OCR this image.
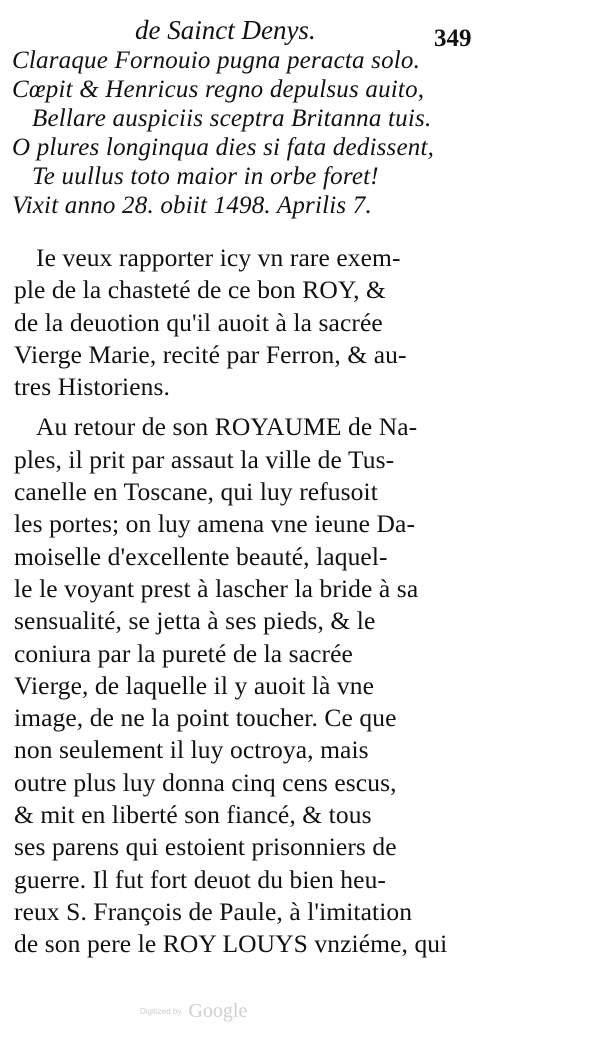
de Sainct Denys.	349
Claraque Fornouio pugna peracta solo.
Cœpit & Henricus regno depulsus auito,
Bellare auspiciis sceptra Britanna tuis.
O plures longinqua dies si fata dedissent,
Te uullus toto maior in orbe foret!
Vixit anno 28. obiit 1498. Aprilis 7.
Ie veux rapporter icy vn rare exem-
ple de la chasteté de ce bon ROY, &
de la deuotion qu'il auoit à la sacrée
Vierge Marie, recité par Ferron, & au-
tres Historiens.
Au retour de son ROYAUME de Na-
ples, il prit par assaut la ville de Tus-
canelle en Toscane, qui luy refusoit
les portes; on luy amena vne ieune Da-
moiselle d'excellente beauté, laquel-
le le voyant prest à lascher la bride à sa
sensualité, se jetta à ses pieds, & le
coniura par la pureté de la sacrée
Vierge, de laquelle il y auoit là vne
image, de ne la point toucher. Ce que
non seulement il luy octroya, mais
outre plus luy donna cinq cens escus,
& mit en liberté son fiancé, & tous
ses parens qui estoient prisonniers de
guerre. Il fut fort deuot du bien heu-
reux S. François de Paule, à l'imitation
de son pere le ROY LOUYS vnziéme, qui
Digitized by Google
